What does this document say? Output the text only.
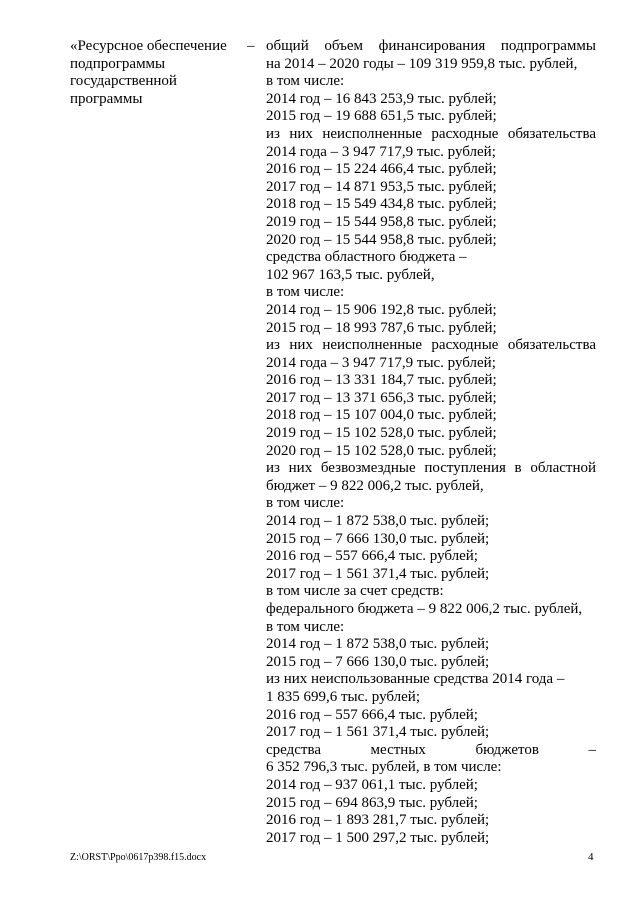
«Ресурсное обеспечение
подпрограммы
государственной
программы
– общий объем финансирования подпрограммы
на 2014 – 2020 годы – 109 319 959,8 тыс. рублей,
в том числе:
2014 год – 16 843 253,9 тыс. рублей;
2015 год – 19 688 651,5 тыс. рублей;
из них неисполненные расходные обязательства
2014 года – 3 947 717,9 тыс. рублей;
2016 год – 15 224 466,4 тыс. рублей;
2017 год – 14 871 953,5 тыс. рублей;
2018 год – 15 549 434,8 тыс. рублей;
2019 год – 15 544 958,8 тыс. рублей;
2020 год – 15 544 958,8 тыс. рублей;
средства областного бюджета –
102 967 163,5 тыс. рублей,
в том числе:
2014 год – 15 906 192,8 тыс. рублей;
2015 год – 18 993 787,6 тыс. рублей;
из них неисполненные расходные обязательства
2014 года – 3 947 717,9 тыс. рублей;
2016 год – 13 331 184,7 тыс. рублей;
2017 год – 13 371 656,3 тыс. рублей;
2018 год – 15 107 004,0 тыс. рублей;
2019 год – 15 102 528,0 тыс. рублей;
2020 год – 15 102 528,0 тыс. рублей;
из них безвозмездные поступления в областной
бюджет – 9 822 006,2 тыс. рублей,
в том числе:
2014 год – 1 872 538,0 тыс. рублей;
2015 год – 7 666 130,0 тыс. рублей;
2016 год – 557 666,4 тыс. рублей;
2017 год – 1 561 371,4 тыс. рублей;
в том числе за счет средств:
федерального бюджета – 9 822 006,2 тыс. рублей,
в том числе:
2014 год – 1 872 538,0 тыс. рублей;
2015 год – 7 666 130,0 тыс. рублей;
из них неиспользованные средства 2014 года –
1 835 699,6 тыс. рублей;
2016 год – 557 666,4 тыс. рублей;
2017 год – 1 561 371,4 тыс. рублей;
средства местных бюджетов –
6 352 796,3 тыс. рублей, в том числе:
2014 год – 937 061,1 тыс. рублей;
2015 год – 694 863,9 тыс. рублей;
2016 год – 1 893 281,7 тыс. рублей;
2017 год – 1 500 297,2 тыс. рублей;
Z:\ORST\Ppo\0617p398.f15.docx	4
